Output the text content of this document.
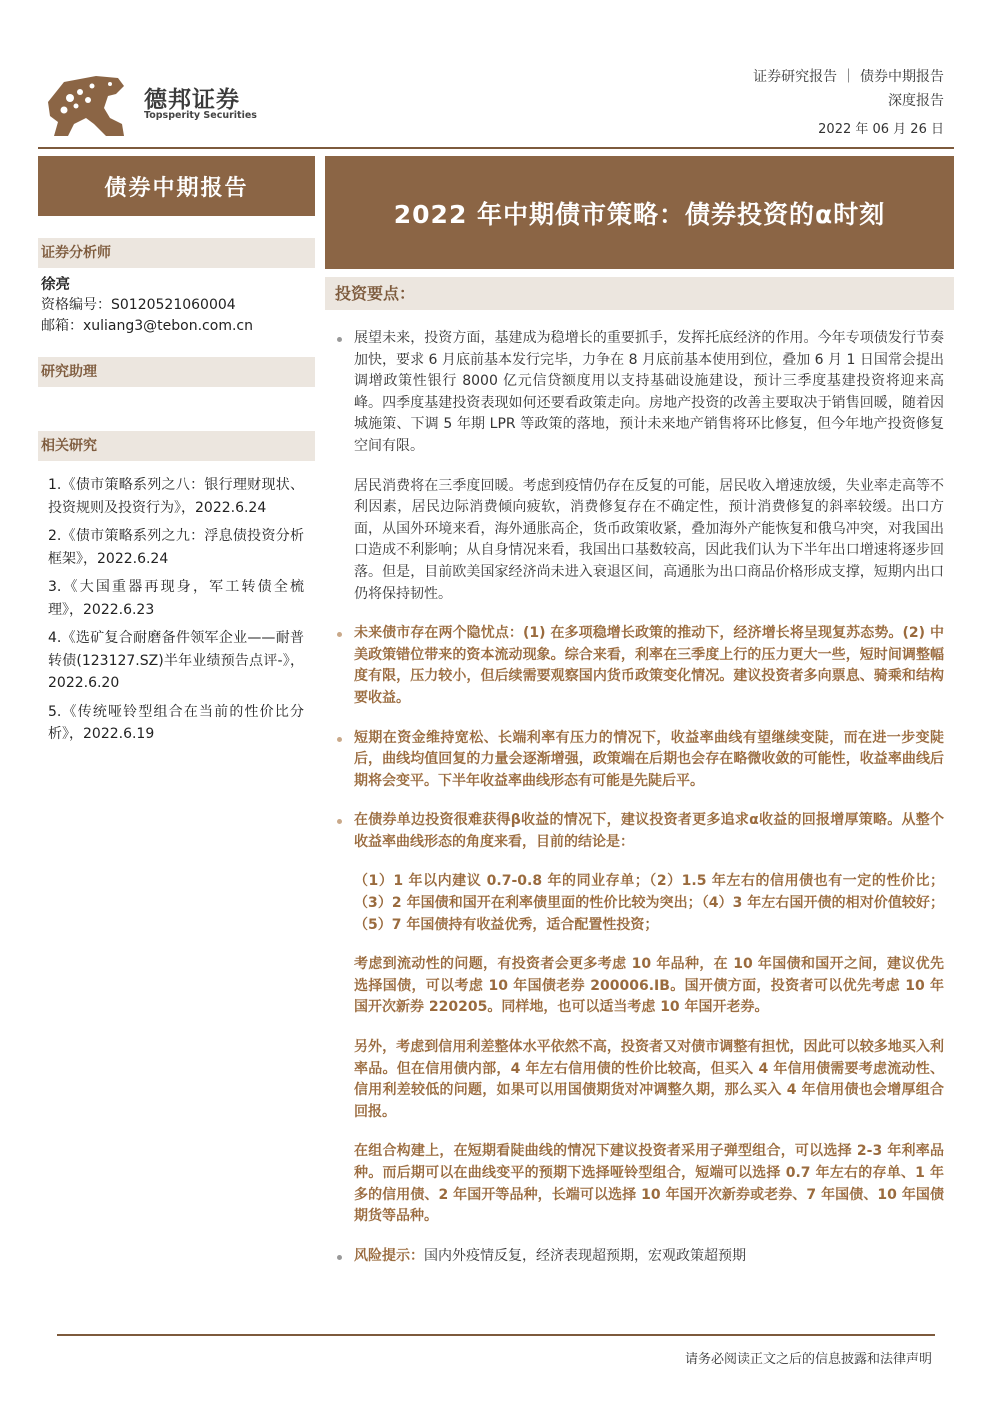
德邦证券
Topsperity Securities
证券研究报告 ｜ 债券中期报告
深度报告
2022 年 06 月 26 日
债券中期报告
2022 年中期债市策略：债券投资的α时刻
证券分析师
徐亮
资格编号：S0120521060004
邮箱：xuliang3@tebon.com.cn
研究助理
相关研究
1.《债市策略系列之八：银行理财现状、投资规则及投资行为》，2022.6.24
2.《债市策略系列之九：浮息债投资分析框架》，2022.6.24
3.《大国重器再现身，军工转债全梳理》，2022.6.23
4.《选矿复合耐磨备件领军企业——耐普转债(123127.SZ)半年业绩预告点评-》，2022.6.20
5.《传统哑铃型组合在当前的性价比分析》，2022.6.19
投资要点：
展望未来，投资方面，基建成为稳增长的重要抓手，发挥托底经济的作用。今年专项债发行节奏加快，要求 6 月底前基本发行完毕，力争在 8 月底前基本使用到位，叠加 6 月 1 日国常会提出调增政策性银行 8000 亿元信贷额度用以支持基础设施建设，预计三季度基建投资将迎来高峰。四季度基建投资表现如何还要看政策走向。房地产投资的改善主要取决于销售回暖，随着因城施策、下调 5 年期 LPR 等政策的落地，预计未来地产销售将环比修复，但今年地产投资修复空间有限。
居民消费将在三季度回暖。考虑到疫情仍存在反复的可能，居民收入增速放缓，失业率走高等不利因素，居民边际消费倾向疲软，消费修复存在不确定性，预计消费修复的斜率较缓。出口方面，从国外环境来看，海外通胀高企，货币政策收紧，叠加海外产能恢复和俄乌冲突，对我国出口造成不利影响；从自身情况来看，我国出口基数较高，因此我们认为下半年出口增速将逐步回落。但是，目前欧美国家经济尚未进入衰退区间，高通胀为出口商品价格形成支撑，短期内出口仍将保持韧性。
未来债市存在两个隐忧点：(1) 在多项稳增长政策的推动下，经济增长将呈现复苏态势。(2) 中美政策错位带来的资本流动现象。综合来看，利率在三季度上行的压力更大一些，短时间调整幅度有限，压力较小，但后续需要观察国内货币政策变化情况。建议投资者多向票息、骑乘和结构要收益。
短期在资金维持宽松、长端利率有压力的情况下，收益率曲线有望继续变陡，而在进一步变陡后，曲线均值回复的力量会逐渐增强，政策端在后期也会存在略微收敛的可能性，收益率曲线后期将会变平。下半年收益率曲线形态有可能是先陡后平。
在债券单边投资很难获得β收益的情况下，建议投资者更多追求α收益的回报增厚策略。从整个收益率曲线形态的角度来看，目前的结论是：
（1）1 年以内建议 0.7-0.8 年的同业存单；（2）1.5 年左右的信用债也有一定的性价比；（3）2 年国债和国开在利率债里面的性价比较为突出；（4）3 年左右国开债的相对价值较好；（5）7 年国债持有收益优秀，适合配置性投资；
考虑到流动性的问题，有投资者会更多考虑 10 年品种，在 10 年国债和国开之间，建议优先选择国债，可以考虑 10 年国债老券 200006.IB。国开债方面，投资者可以优先考虑 10 年国开次新券 220205。同样地，也可以适当考虑 10 年国开老券。
另外，考虑到信用利差整体水平依然不高，投资者又对债市调整有担忧，因此可以较多地买入利率品。但在信用债内部，4 年左右信用债的性价比较高，但买入 4 年信用债需要考虑流动性、信用利差较低的问题，如果可以用国债期货对冲调整久期，那么买入 4 年信用债也会增厚组合回报。
在组合构建上，在短期看陡曲线的情况下建议投资者采用子弹型组合，可以选择 2-3 年利率品种。而后期可以在曲线变平的预期下选择哑铃型组合，短端可以选择 0.7 年左右的存单、1 年多的信用债、2 年国开等品种，长端可以选择 10 年国开次新券或老券、7 年国债、10 年国债期货等品种。
风险提示：国内外疫情反复，经济表现超预期，宏观政策超预期
请务必阅读正文之后的信息披露和法律声明
